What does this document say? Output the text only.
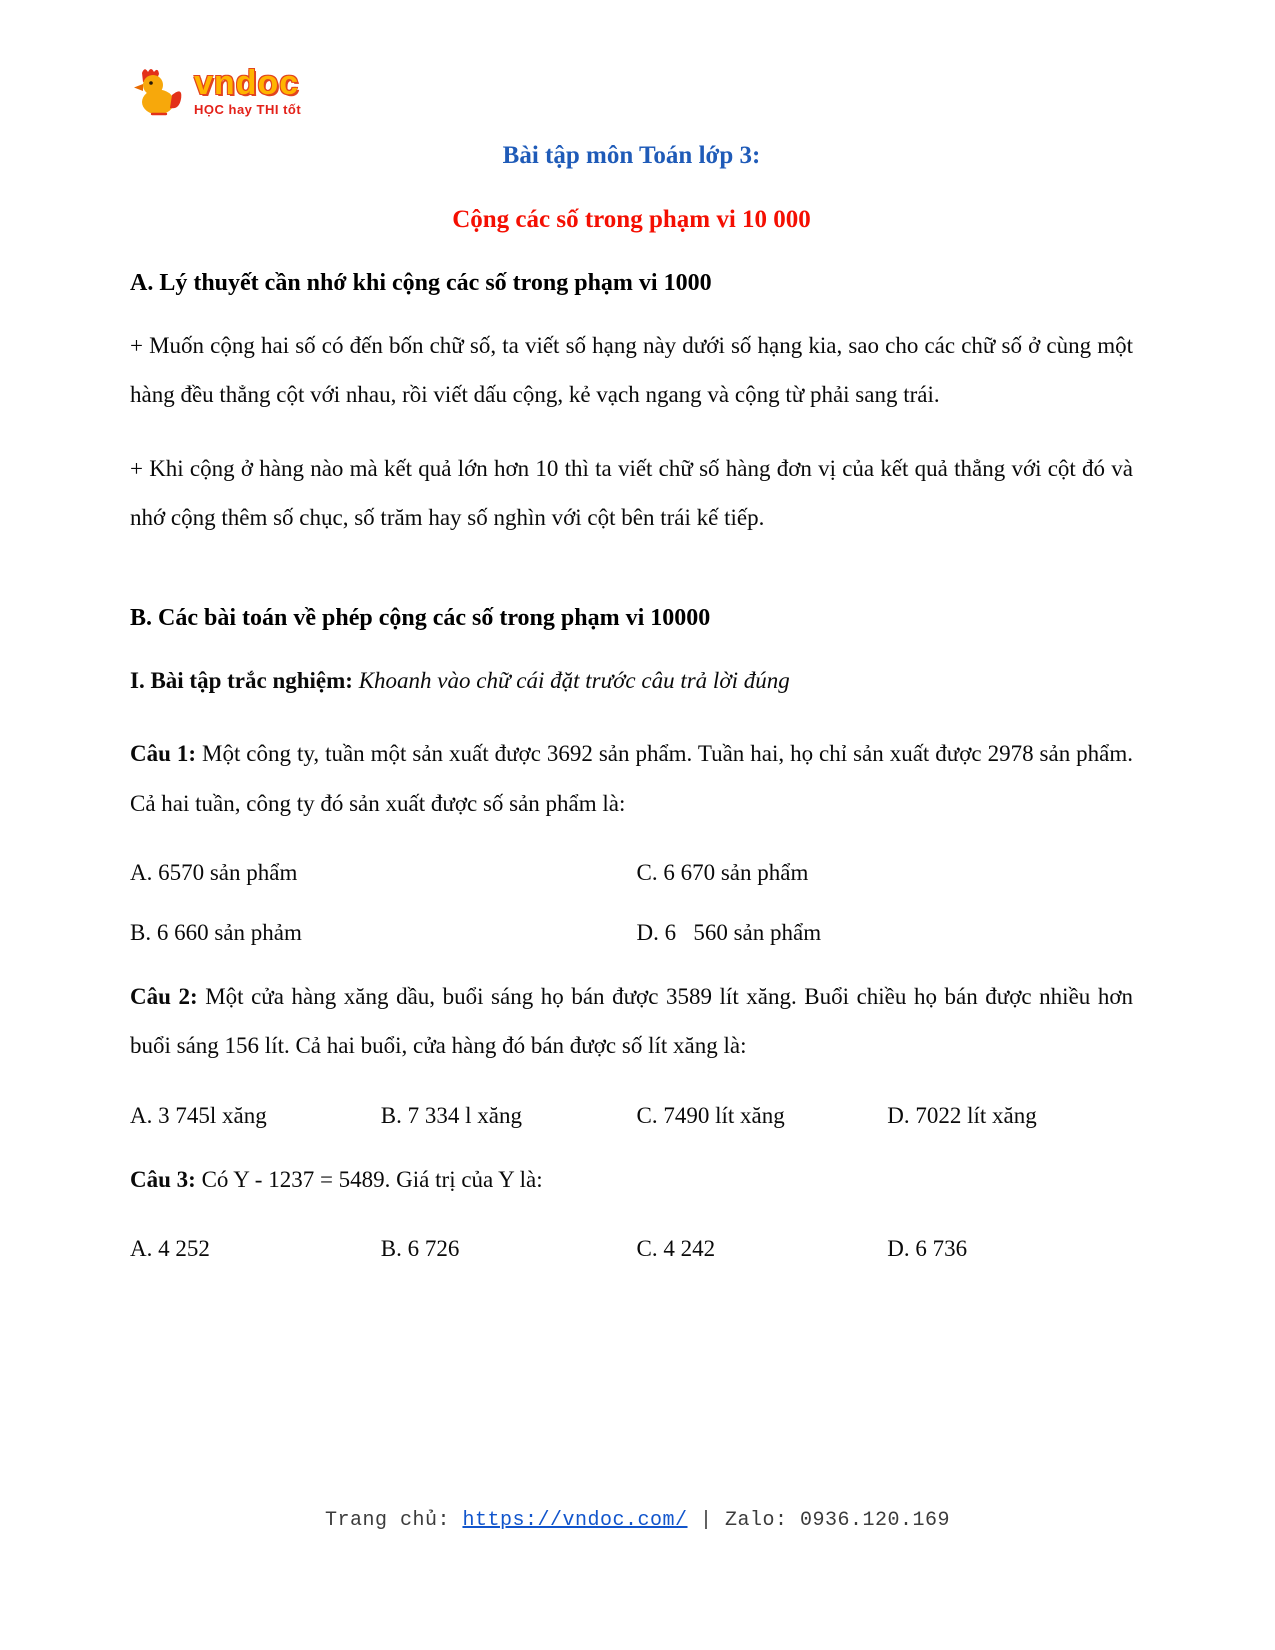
vndoc
HỌC hay THI tốt
Bài tập môn Toán lớp 3:
Cộng các số trong phạm vi 10 000
A. Lý thuyết cần nhớ khi cộng các số trong phạm vi 1000

+ Muốn cộng hai số có đến bốn chữ số, ta viết số hạng này dưới số hạng kia, sao cho các chữ số ở cùng một hàng đều thẳng cột với nhau, rồi viết dấu cộng, kẻ vạch ngang và cộng từ phải sang trái.

+ Khi cộng ở hàng nào mà kết quả lớn hơn 10 thì ta viết chữ số hàng đơn vị của kết quả thẳng với cột đó và nhớ cộng thêm số chục, số trăm hay số nghìn với cột bên trái kế tiếp.

B. Các bài toán về phép cộng các số trong phạm vi 10000

I. Bài tập trắc nghiệm: Khoanh vào chữ cái đặt trước câu trả lời đúng

Câu 1: Một công ty, tuần một sản xuất được 3692 sản phẩm. Tuần hai, họ chỉ sản xuất được 2978 sản phẩm. Cả hai tuần, công ty đó sản xuất được số sản phẩm là:

A. 6570 sản phẩm	C. 6 670 sản phẩm
B. 6 660 sản phảm	D. 6   560 sản phẩm

Câu 2: Một cửa hàng xăng dầu, buổi sáng họ bán được 3589 lít xăng. Buổi chiều họ bán được nhiều hơn buổi sáng 156 lít. Cả hai buổi, cửa hàng đó bán được số lít xăng là:

A. 3 745l xăng	B. 7 334 l xăng	C. 7490 lít xăng	D. 7022 lít xăng

Câu 3: Có Y - 1237 = 5489. Giá trị của Y là:

A. 4 252	B. 6 726	C. 4 242	D. 6 736
Trang chủ: https://vndoc.com/ | Zalo: 0936.120.169
